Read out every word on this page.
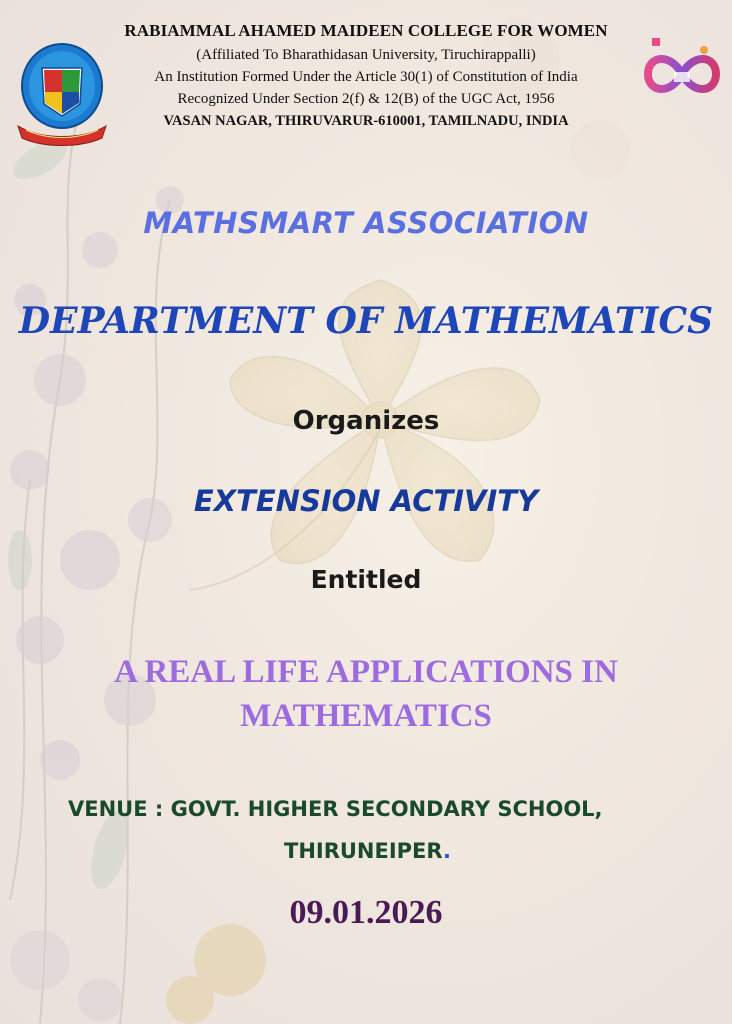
RABIAMMAL AHAMED MAIDEEN COLLEGE FOR WOMEN

(Affiliated To Bharathidasan University, Tiruchirappalli)

An Institution Formed Under the Article 30(1) of Constitution of India

Recognized Under Section 2(f) & 12(B) of the UGC Act, 1956

VASAN NAGAR, THIRUVARUR-610001, TAMILNADU, INDIA

MATHSMART ASSOCIATION
DEPARTMENT OF MATHEMATICS
Organizes
EXTENSION ACTIVITY
Entitled
A REAL LIFE APPLICATIONS IN
MATHEMATICS
VENUE : GOVT. HIGHER SECONDARY SCHOOL,
THIRUNEIPER.
09.01.2026
